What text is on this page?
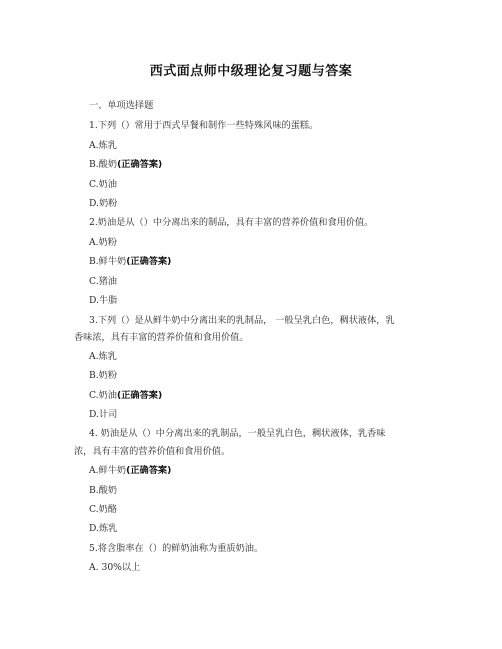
西式面点师中级理论复习题与答案
一、单项选择题
1.下列（）常用于西式早餐和制作一些特殊风味的蛋糕。
A.炼乳
B.酸奶(正确答案)
C.奶油
D.奶粉
2.奶油是从（）中分离出来的制品，具有丰富的营养价值和食用价值。
A.奶粉
B.鲜牛奶(正确答案)
C.猪油
D.牛脂
3.下列（）是从鲜牛奶中分离出来的乳制品， 一般呈乳白色，稠状液体，乳
香味浓，具有丰富的营养价值和食用价值。
A.炼乳
B.奶粉
C.奶油(正确答案)
D.计司
4. 奶油是从（）中分离出来的乳制品，一般呈乳白色，稠状液体，乳香味
浓，具有丰富的营养价值和食用价值。
A.鲜牛奶(正确答案)
B.酸奶
C.奶酪
D.炼乳
5.将含脂率在（）的鲜奶油称为重质奶油。
A. 30%以上
